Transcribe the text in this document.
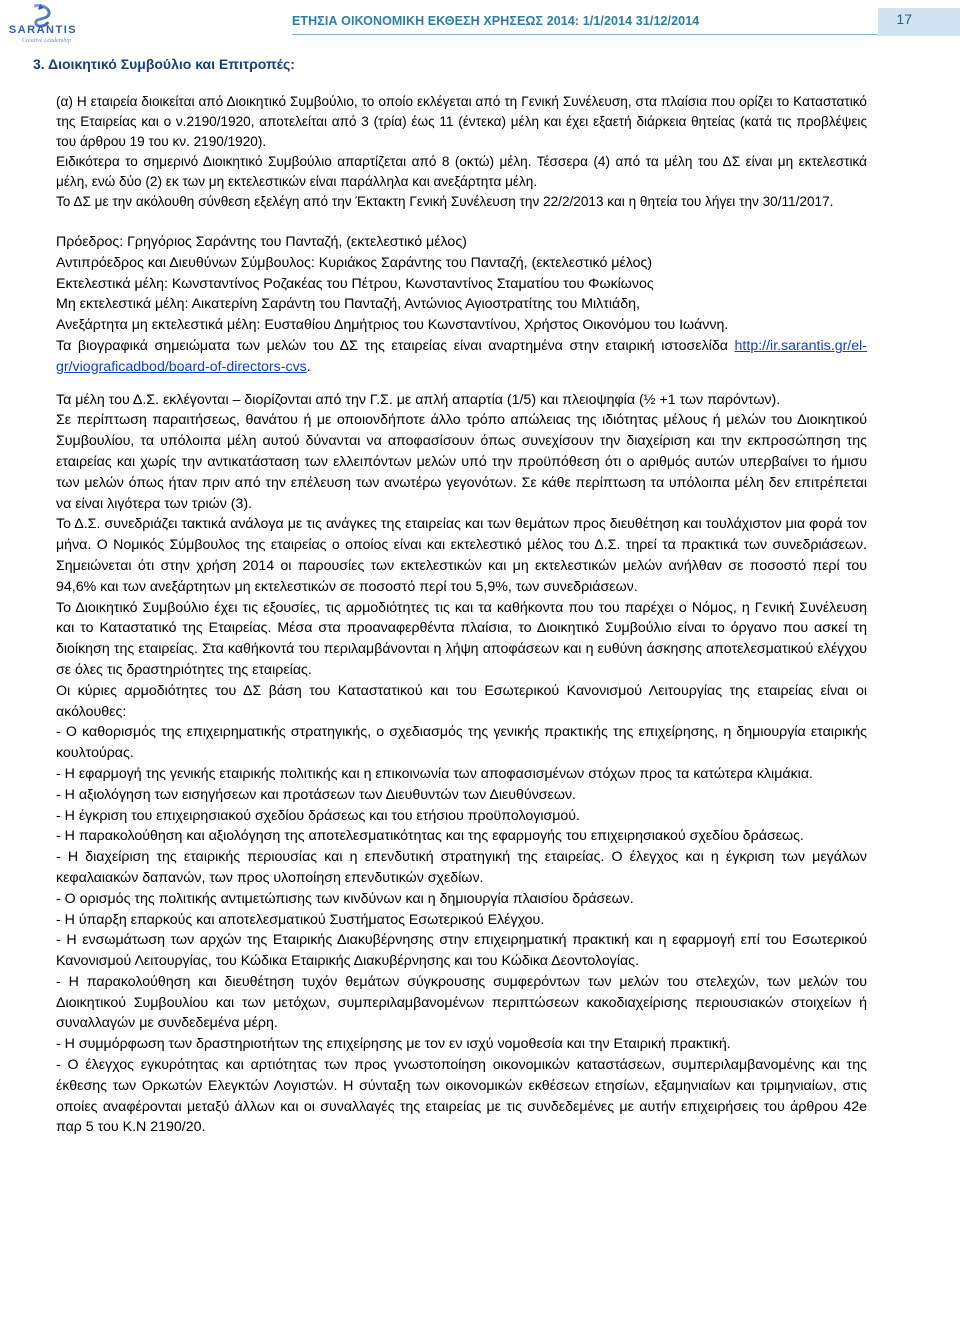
SARANTIS
Creative Leadership
ΕΤΗΣΙΑ ΟΙΚΟΝΟΜΙΚΗ ΕΚΘΕΣΗ ΧΡΗΣΕΩΣ 2014: 1/1/2014 31/12/2014	17
3. Διοικητικό Συμβούλιο και Επιτροπές:

(α) Η εταιρεία διοικείται από Διοικητικό Συμβούλιο, το οποίο εκλέγεται από τη Γενική Συνέλευση, στα πλαίσια που ορίζει το Καταστατικό της Εταιρείας και ο ν.2190/1920, αποτελείται από 3 (τρία) έως 11 (έντεκα) μέλη και έχει εξαετή διάρκεια θητείας (κατά τις προβλέψεις του άρθρου 19 του κν. 2190/1920).

Ειδικότερα το σημερινό Διοικητικό Συμβούλιο απαρτίζεται από 8 (οκτώ) μέλη. Τέσσερα (4) από τα μέλη του ΔΣ είναι μη εκτελεστικά μέλη, ενώ δύο (2) εκ των μη εκτελεστικών είναι παράλληλα και ανεξάρτητα μέλη.

Το ΔΣ με την ακόλουθη σύνθεση εξελέγη από την Έκτακτη Γενική Συνέλευση την 22/2/2013 και η θητεία του λήγει την 30/11/2017.

Πρόεδρος: Γρηγόριος Σαράντης του Πανταζή, (εκτελεστικό μέλος)

Αντιπρόεδρος και Διευθύνων Σύμβουλος: Κυριάκος Σαράντης του Πανταζή, (εκτελεστικό μέλος)

Εκτελεστικά μέλη: Κωνσταντίνος Ροζακέας του Πέτρου, Κωνσταντίνος Σταματίου του Φωκίωνος

Μη εκτελεστικά μέλη: Αικατερίνη Σαράντη του Πανταζή, Αντώνιος Αγιοστρατίτης του Μιλτιάδη,

Ανεξάρτητα μη εκτελεστικά μέλη: Ευσταθίου Δημήτριος του Κωνσταντίνου, Χρήστος Οικονόμου του Ιωάννη.

Τα βιογραφικά σημειώματα των μελών του ΔΣ της εταιρείας είναι αναρτημένα στην εταιρική ιστοσελίδα http://ir.sarantis.gr/el-gr/viograficadbod/board-of-directors-cvs.

Τα μέλη του Δ.Σ. εκλέγονται – διορίζονται από την Γ.Σ. με απλή απαρτία (1/5) και πλειοψηφία (½ +1 των παρόντων).

Σε περίπτωση παραιτήσεως, θανάτου ή με οποιονδήποτε άλλο τρόπο απώλειας της ιδιότητας μέλους ή μελών του Διοικητικού Συμβουλίου, τα υπόλοιπα μέλη αυτού δύνανται να αποφασίσουν όπως συνεχίσουν την διαχείριση και την εκπροσώπηση της εταιρείας και χωρίς την αντικατάσταση των ελλειπόντων μελών υπό την προϋπόθεση ότι ο αριθμός αυτών υπερβαίνει το ήμισυ των μελών όπως ήταν πριν από την επέλευση των ανωτέρω γεγονότων. Σε κάθε περίπτωση τα υπόλοιπα μέλη δεν επιτρέπεται να είναι λιγότερα των τριών (3).

Το Δ.Σ. συνεδριάζει τακτικά ανάλογα με τις ανάγκες της εταιρείας και των θεμάτων προς διευθέτηση και τουλάχιστον μια φορά τον μήνα. Ο Νομικός Σύμβουλος της εταιρείας ο οποίος είναι και εκτελεστικό μέλος του Δ.Σ. τηρεί τα πρακτικά των συνεδριάσεων. Σημειώνεται ότι στην χρήση 2014 οι παρουσίες των εκτελεστικών και μη εκτελεστικών μελών ανήλθαν σε ποσοστό περί του 94,6% και των ανεξάρτητων μη εκτελεστικών σε ποσοστό περί του 5,9%, των συνεδριάσεων.

Το Διοικητικό Συμβούλιο έχει τις εξουσίες, τις αρμοδιότητες τις και τα καθήκοντα που του παρέχει ο Νόμος, η Γενική Συνέλευση και το Καταστατικό της Εταιρείας. Μέσα στα προαναφερθέντα πλαίσια, το Διοικητικό Συμβούλιο είναι το όργανο που ασκεί τη διοίκηση της εταιρείας. Στα καθήκοντά του περιλαμβάνονται η λήψη αποφάσεων και η ευθύνη άσκησης αποτελεσματικού ελέγχου σε όλες τις δραστηριότητες της εταιρείας.

Οι κύριες αρμοδιότητες του ΔΣ βάση του Καταστατικού και του Εσωτερικού Κανονισμού Λειτουργίας της εταιρείας είναι οι ακόλουθες:

- Ο καθορισμός της επιχειρηματικής στρατηγικής, ο σχεδιασμός της γενικής πρακτικής της επιχείρησης, η δημιουργία εταιρικής κουλτούρας.

- Η εφαρμογή της γενικής εταιρικής πολιτικής και η επικοινωνία των αποφασισμένων στόχων προς τα κατώτερα κλιμάκια.

- Η αξιολόγηση των εισηγήσεων και προτάσεων των Διευθυντών των Διευθύνσεων.

- Η έγκριση του επιχειρησιακού σχεδίου δράσεως και του ετήσιου προϋπολογισμού.

- Η παρακολούθηση και αξιολόγηση της αποτελεσματικότητας και της εφαρμογής του επιχειρησιακού σχεδίου δράσεως.

- Η διαχείριση της εταιρικής περιουσίας και η επενδυτική στρατηγική της εταιρείας. Ο έλεγχος και η έγκριση των μεγάλων κεφαλαιακών δαπανών, των προς υλοποίηση επενδυτικών σχεδίων.

- Ο ορισμός της πολιτικής αντιμετώπισης των κινδύνων και η δημιουργία πλαισίου δράσεων.

- Η ύπαρξη επαρκούς και αποτελεσματικού Συστήματος Εσωτερικού Ελέγχου.

- Η ενσωμάτωση των αρχών της Εταιρικής Διακυβέρνησης στην επιχειρηματική πρακτική και η εφαρμογή επί του Εσωτερικού Κανονισμού Λειτουργίας, του Κώδικα Εταιρικής Διακυβέρνησης και του Κώδικα Δεοντολογίας.

- Η παρακολούθηση και διευθέτηση τυχόν θεμάτων σύγκρουσης συμφερόντων των μελών του στελεχών, των μελών του Διοικητικού Συμβουλίου και των μετόχων, συμπεριλαμβανομένων περιπτώσεων κακοδιαχείρισης περιουσιακών στοιχείων ή συναλλαγών με συνδεδεμένα μέρη.

- Η συμμόρφωση των δραστηριοτήτων της επιχείρησης με τον εν ισχύ νομοθεσία και την Εταιρική πρακτική.

- Ο έλεγχος εγκυρότητας και αρτιότητας των προς γνωστοποίηση οικονομικών καταστάσεων, συμπεριλαμβανομένης και της έκθεσης των Ορκωτών Ελεγκτών Λογιστών. Η σύνταξη των οικονομικών εκθέσεων ετησίων, εξαμηνιαίων και τριμηνιαίων, στις οποίες αναφέρονται μεταξύ άλλων και οι συναλλαγές της εταιρείας με τις συνδεδεμένες με αυτήν επιχειρήσεις του άρθρου 42e παρ 5 του Κ.Ν 2190/20.
